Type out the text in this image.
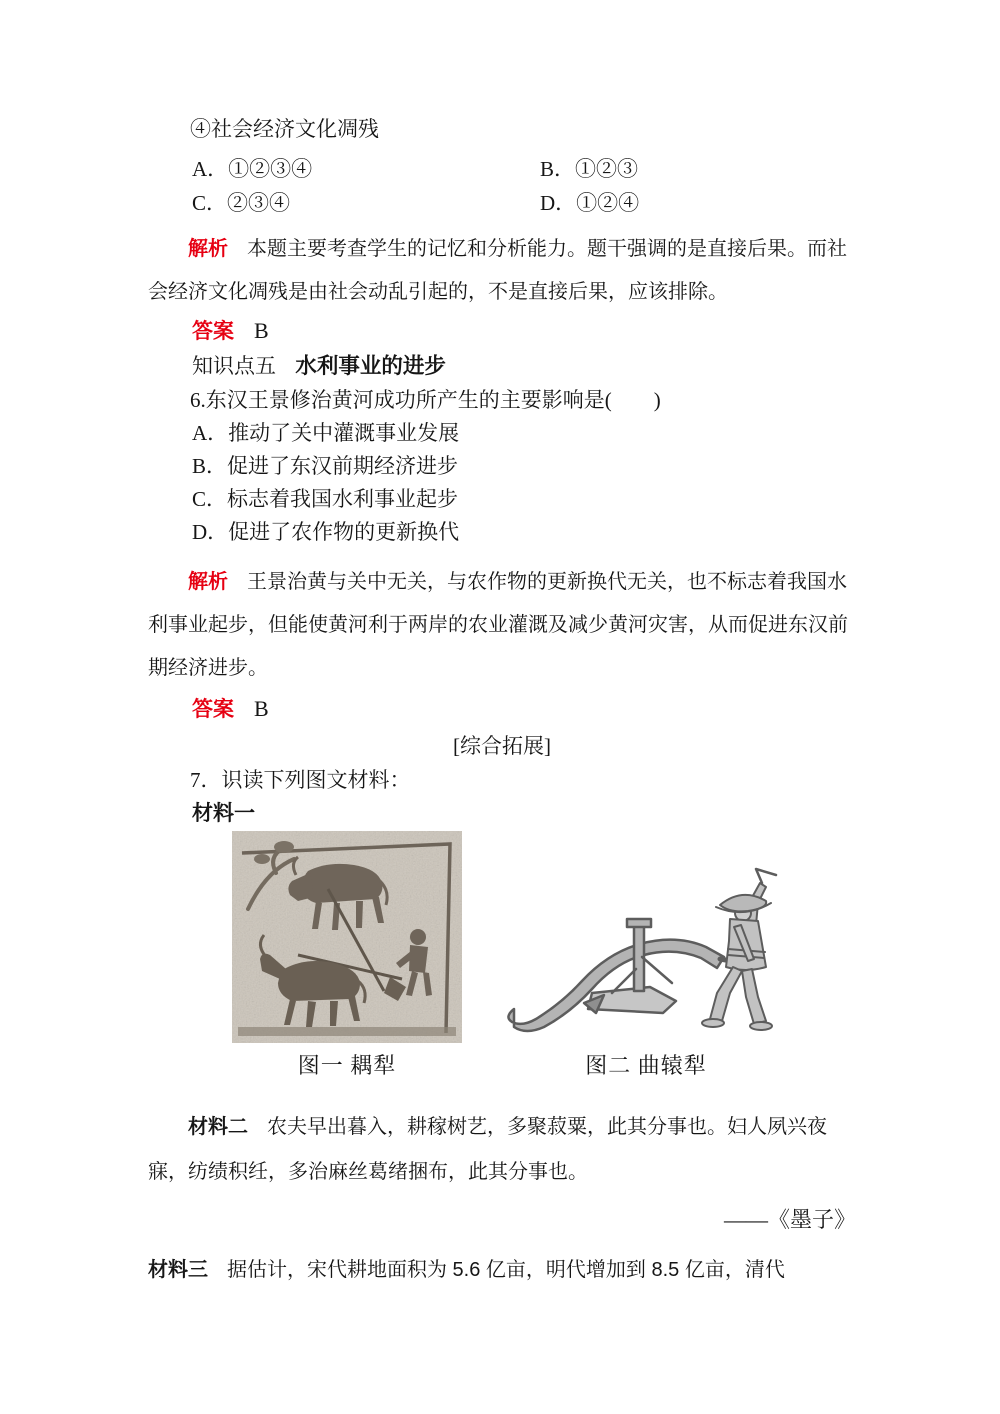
④社会经济文化凋残

A．①②③④	B．①②③
C．②③④	D．①②④

解析 本题主要考查学生的记忆和分析能力。题干强调的是直接后果。而社会经济文化凋残是由社会动乱引起的，不是直接后果，应该排除。

答案 B

知识点五 水利事业的进步

6.东汉王景修治黄河成功所产生的主要影响是(　　)

A．推动了关中灌溉事业发展

B．促进了东汉前期经济进步

C．标志着我国水利事业起步

D．促进了农作物的更新换代

解析 王景治黄与关中无关，与农作物的更新换代无关，也不标志着我国水利事业起步，但能使黄河利于两岸的农业灌溉及减少黄河灾害，从而促进东汉前期经济进步。

答案 B

[综合拓展]

7．识读下列图文材料：

材料一

图一 耦犁	图二 曲辕犁

材料二 农夫早出暮入，耕稼树艺，多聚菽粟，此其分事也。妇人夙兴夜寐，纺绩积纴，多治麻丝葛绪捆布，此其分事也。

——《墨子》

材料三 据估计，宋代耕地面积为 5.6 亿亩，明代增加到 8.5 亿亩，清代
